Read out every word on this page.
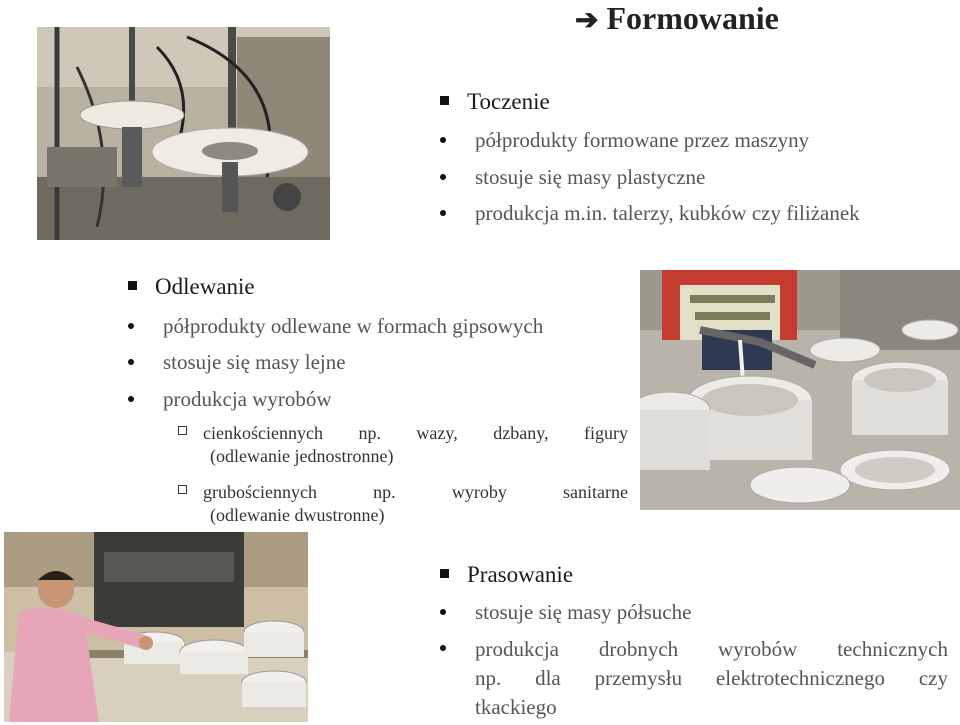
➔ Formowanie
Toczenie
półprodukty formowane przez maszyny
stosuje się masy plastyczne
produkcja m.in. talerzy, kubków czy filiżanek
Odlewanie
półprodukty odlewane w formach gipsowych
stosuje się masy lejne
produkcja wyrobów
cienkościennych np. wazy, dzbany, figury
(odlewanie jednostronne)
grubościennych np. wyroby sanitarne
(odlewanie dwustronne)
Prasowanie
stosuje się masy półsuche
produkcja drobnych wyrobów technicznych
np. dla przemysłu elektrotechnicznego czy
tkackiego
